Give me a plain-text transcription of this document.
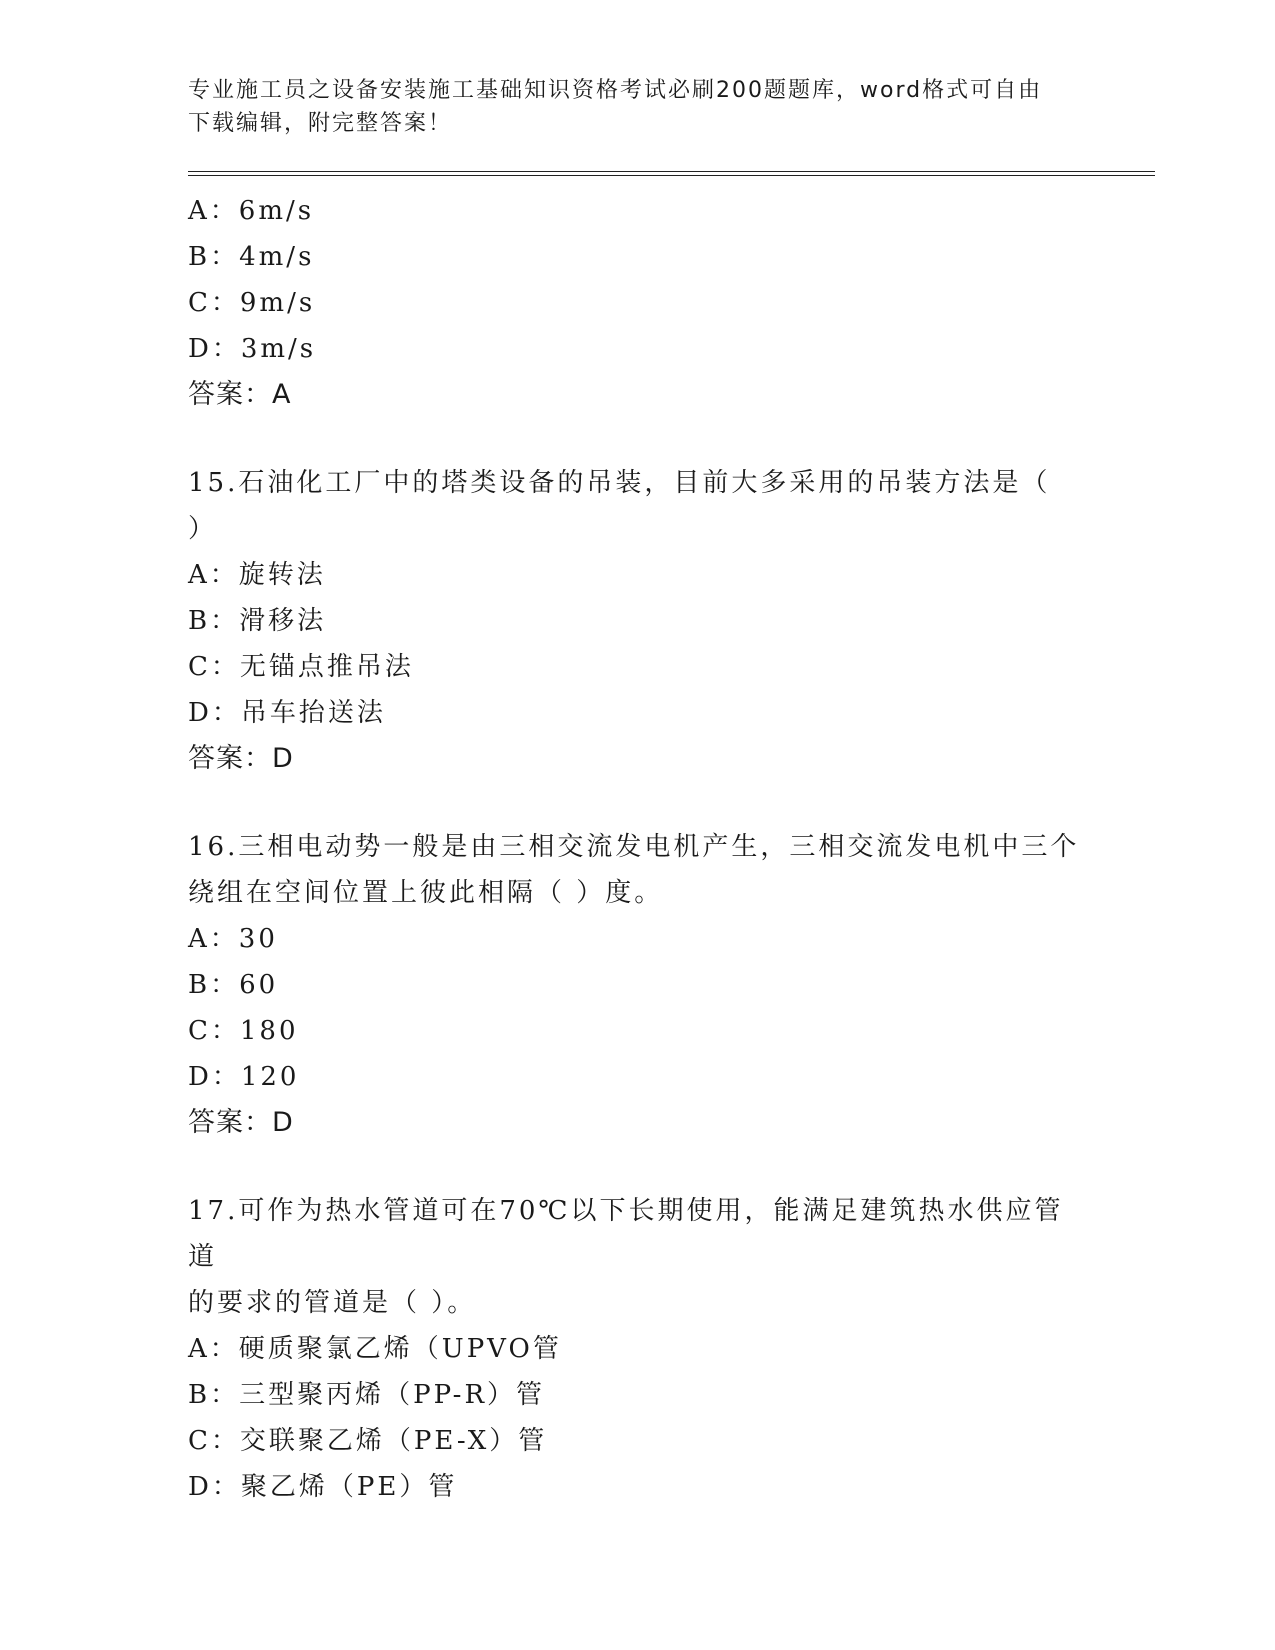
专业施工员之设备安装施工基础知识资格考试必刷200题题库，word格式可自由
下载编辑，附完整答案！
A：6m/s
B：4m/s
C：9m/s
D：3m/s
答案：A
15.石油化工厂中的塔类设备的吊装，目前大多采用的吊装方法是（
）
A：旋转法
B：滑移法
C：无锚点推吊法
D：吊车抬送法
答案：D
16.三相电动势一般是由三相交流发电机产生，三相交流发电机中三个
绕组在空间位置上彼此相隔（ ）度。
A：30
B：60
C：180
D：120
答案：D
17.可作为热水管道可在70℃以下长期使用，能满足建筑热水供应管道
的要求的管道是（ ）。
A：硬质聚氯乙烯（UPVO管
B：三型聚丙烯（PP-R）管
C：交联聚乙烯（PE-X）管
D：聚乙烯（PE）管
